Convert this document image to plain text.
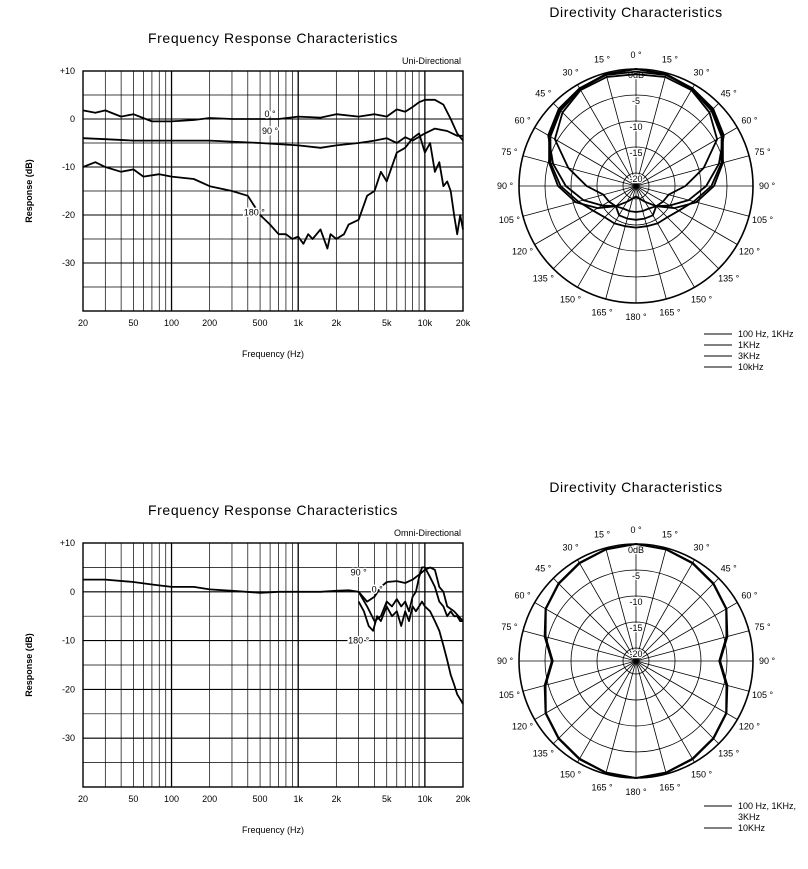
Frequency Response Characteristics
Uni-Directional
20	50	100	200	500	1k	2k	5k	10k	20k
+10
0
-10
-20
-30
Frequency (Hz)
Response (dB)
0 °
90 °
180 °
Directivity Characteristics
0 ° 15 °
30 °
45 °
60 °
75 °
90 °
105 °
120 °
135 °
150 °
165 °
180 °
165 °
150 °
135 °
120 °
105 °
90 °
75 °
60 °
45 °
30 °
15 °
0dB
-5
-10
-15
-20
100 Hz, 1KHz
1KHz
3KHz
10kHz
Frequency Response Characteristics
Omni-Directional
20	50	100	200	500	1k	2k	5k	10k	20k
+10
0
-10
-20
-30
Frequency (Hz)
Response (dB)
90 °
0 °
180 °
Directivity Characteristics
0 ° 15 °
30 °
45 °
60 °
75 °
90 °
105 °
120 °
135 °
150 °
165 °
180 °
165 °
150 °
135 °
120 °
105 °
90 °
75 °
60 °
45 °
30 °
15 °
0dB
-5
-10
-15
-20
100 Hz, 1KHz,
3KHz
10KHz
